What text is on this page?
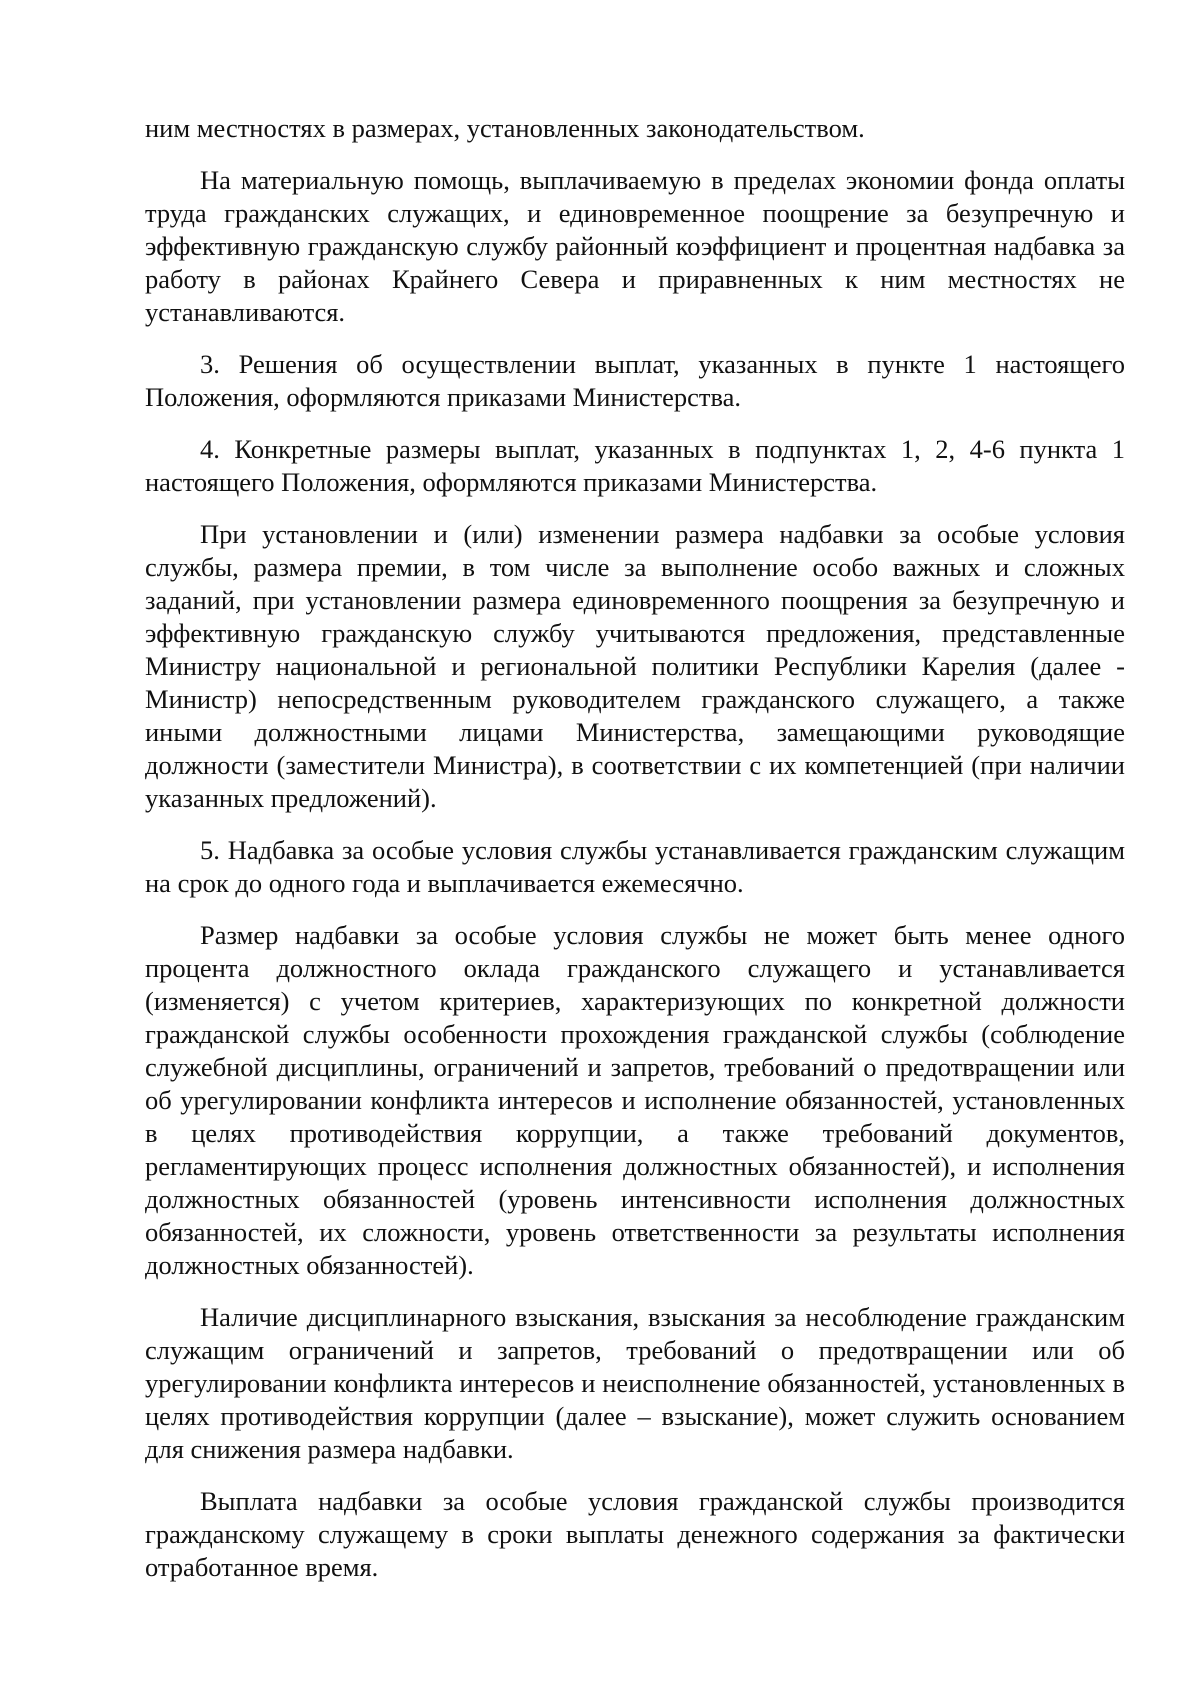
ним местностях в размерах, установленных законодательством.

На материальную помощь, выплачиваемую в пределах экономии фонда оплаты труда гражданских служащих, и единовременное поощрение за безупречную и эффективную гражданскую службу районный коэффициент и процентная надбавка за работу в районах Крайнего Севера и приравненных к ним местностях не устанавливаются.

3. Решения об осуществлении выплат, указанных в пункте 1 настоящего Положения, оформляются приказами Министерства.

4. Конкретные размеры выплат, указанных в подпунктах 1, 2, 4-6 пункта 1 настоящего Положения, оформляются приказами Министерства.

При установлении и (или) изменении размера надбавки за особые условия службы, размера премии, в том числе за выполнение особо важных и сложных заданий, при установлении размера единовременного поощрения за безупречную и эффективную гражданскую службу учитываются предложения, представленные Министру национальной и региональной политики Республики Карелия (далее - Министр) непосредственным руководителем гражданского служащего, а также иными должностными лицами Министерства, замещающими руководящие должности (заместители Министра), в соответствии с их компетенцией (при наличии указанных предложений).

5. Надбавка за особые условия службы устанавливается гражданским служащим на срок до одного года и выплачивается ежемесячно.

Размер надбавки за особые условия службы не может быть менее одного процента должностного оклада гражданского служащего и устанавливается (изменяется) с учетом критериев, характеризующих по конкретной должности гражданской службы особенности прохождения гражданской службы (соблюдение служебной дисциплины, ограничений и запретов, требований о предотвращении или об урегулировании конфликта интересов и исполнение обязанностей, установленных в целях противодействия коррупции, а также требований документов, регламентирующих процесс исполнения должностных обязанностей), и исполнения должностных обязанностей (уровень интенсивности исполнения должностных обязанностей, их сложности, уровень ответственности за результаты исполнения должностных обязанностей).

Наличие дисциплинарного взыскания, взыскания за несоблюдение гражданским служащим ограничений и запретов, требований о предотвращении или об урегулировании конфликта интересов и неисполнение обязанностей, установленных в целях противодействия коррупции (далее – взыскание), может служить основанием для снижения размера надбавки.

Выплата надбавки за особые условия гражданской службы производится гражданскому служащему в сроки выплаты денежного содержания за фактически отработанное время.
